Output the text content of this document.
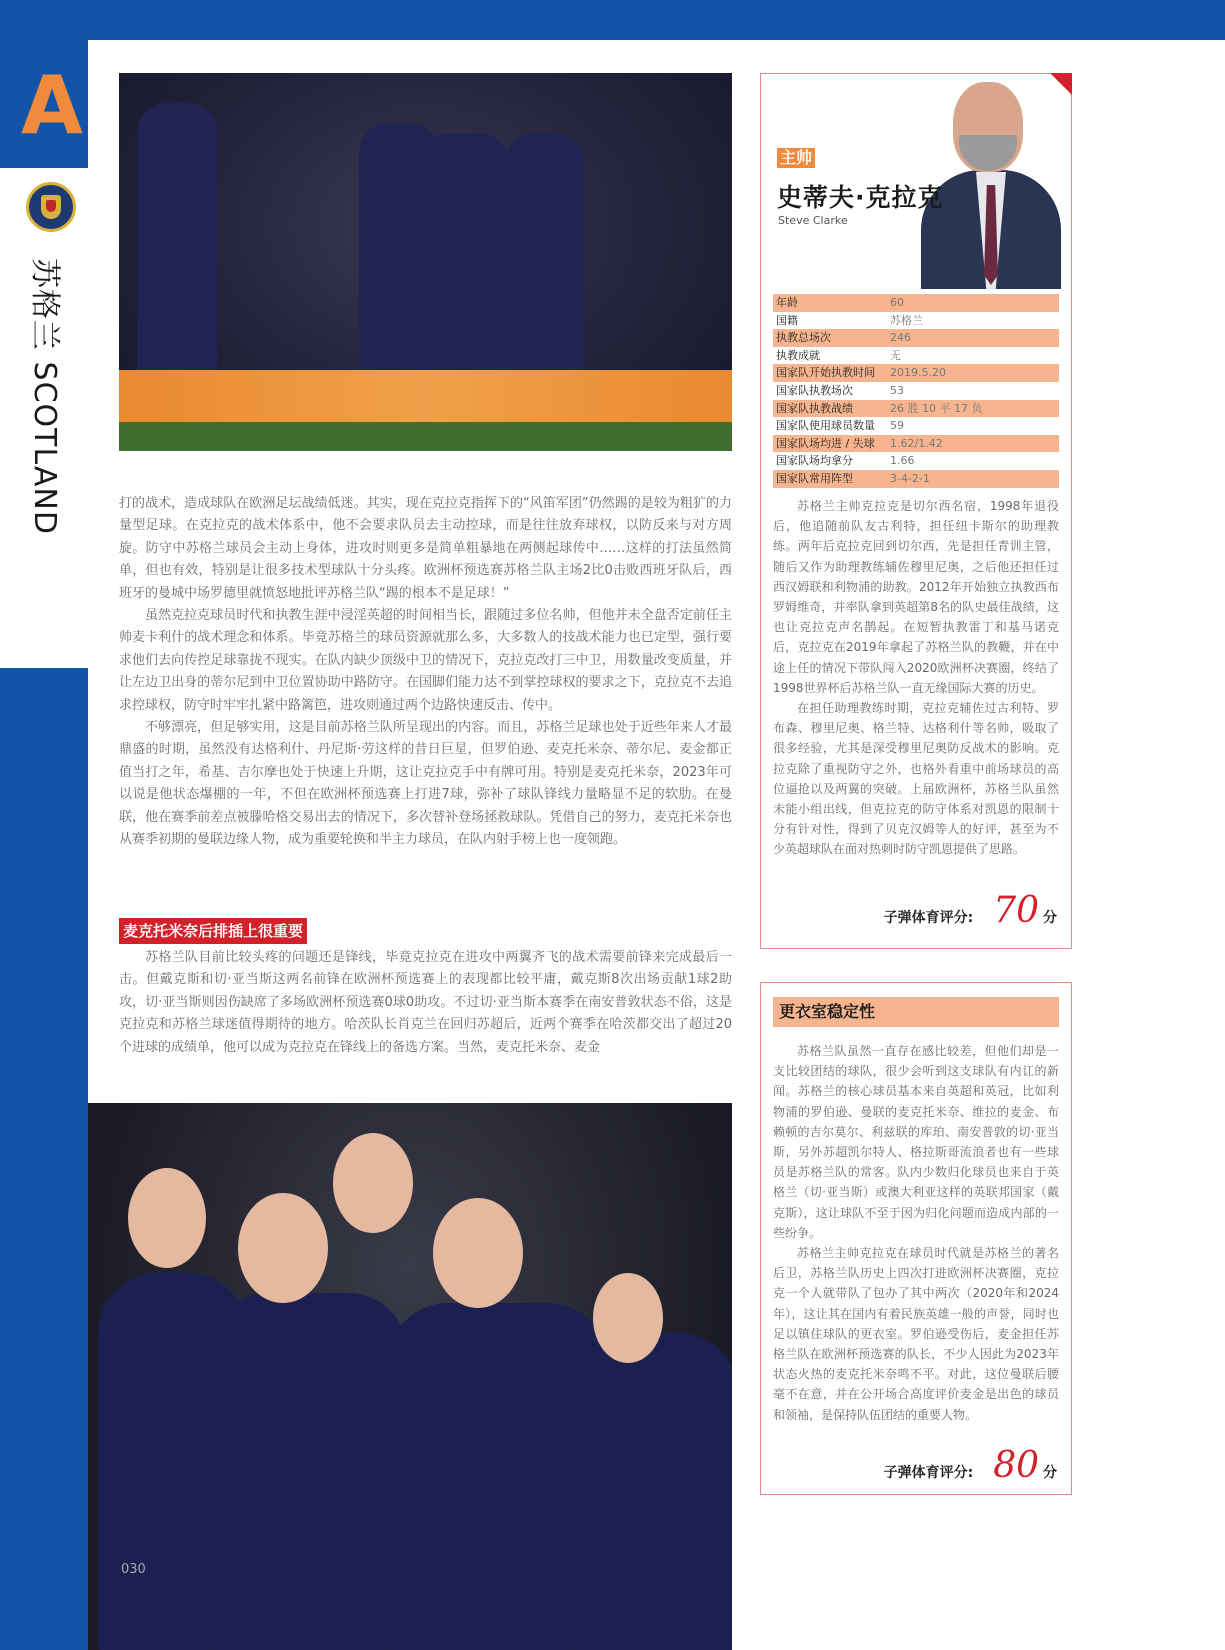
A
苏格兰 SCOTLAND	打的战术，造成球队在欧洲足坛战绩低迷。其实，现在克拉克指挥下的“风笛军团”仍然踢的是较为粗犷的力量型足球。在克拉克的战术体系中，他不会要求队员去主动控球，而是往往放弃球权，以防反来与对方周旋。防守中苏格兰球员会主动上身体，进攻时则更多是简单粗暴地在两侧起球传中……这样的打法虽然简单，但也有效，特别是让很多技术型球队十分头疼。欧洲杯预选赛苏格兰队主场2比0击败西班牙队后，西班牙的曼城中场罗德里就愤怒地批评苏格兰队“踢的根本不是足球！”

虽然克拉克球员时代和执教生涯中浸淫英超的时间相当长，跟随过多位名帅，但他并未全盘否定前任主帅麦卡利什的战术理念和体系。毕竟苏格兰的球员资源就那么多，大多数人的技战术能力也已定型，强行要求他们去向传控足球靠拢不现实。在队内缺少顶级中卫的情况下，克拉克改打三中卫，用数量改变质量，并让左边卫出身的蒂尔尼到中卫位置协助中路防守。在国脚们能力达不到掌控球权的要求之下，克拉克不去追求控球权，防守时牢牢扎紧中路篱笆，进攻则通过两个边路快速反击、传中。

不够漂亮，但足够实用，这是目前苏格兰队所呈现出的内容。而且，苏格兰足球也处于近些年来人才最鼎盛的时期，虽然没有达格利什、丹尼斯·劳这样的昔日巨星，但罗伯逊、麦克托米奈、蒂尔尼、麦金都正值当打之年，希基、吉尔摩也处于快速上升期，这让克拉克手中有牌可用。特别是麦克托米奈，2023年可以说是他状态爆棚的一年，不但在欧洲杯预选赛上打进7球，弥补了球队锋线力量略显不足的软肋。在曼联，他在赛季前差点被滕哈格交易出去的情况下，多次替补登场拯救球队。凭借自己的努力，麦克托米奈也从赛季初期的曼联边缘人物，成为重要轮换和半主力球员，在队内射手榜上也一度领跑。

麦克托米奈后排插上很重要

苏格兰队目前比较头疼的问题还是锋线，毕竟克拉克在进攻中两翼齐飞的战术需要前锋来完成最后一击。但戴克斯和切·亚当斯这两名前锋在欧洲杯预选赛上的表现都比较平庸，戴克斯8次出场贡献1球2助攻，切·亚当斯则因伤缺席了多场欧洲杯预选赛0球0助攻。不过切·亚当斯本赛季在南安普敦状态不俗，这是克拉克和苏格兰球迷值得期待的地方。哈茨队长肖克兰在回归苏超后，近两个赛季在哈茨都交出了超过20个进球的成绩单，他可以成为克拉克在锋线上的备选方案。当然，麦克托米奈、麦金

030
主帅
史蒂夫·克拉克
Steve Clarke
年龄	60
国籍	苏格兰
执教总场次	246
执教成就	无
国家队开始执教时间 2019.5.20
国家队执教场次	53
国家队执教战绩	26 胜 10 平 17 负
国家队使用球员数量 59
国家队场均进 / 失球 1.62/1.42
国家队场均拿分	1.66
国家队常用阵型	3-4-2-1

苏格兰主帅克拉克是切尔西名宿，1998年退役后，他追随前队友古利特，担任纽卡斯尔的助理教练。两年后克拉克回到切尔西，先是担任青训主管，随后又作为助理教练辅佐穆里尼奥，之后他还担任过西汉姆联和利物浦的助教。2012年开始独立执教西布罗姆维奇，并率队拿到英超第8名的队史最佳战绩，这也让克拉克声名鹊起。在短暂执教雷丁和基马诺克后，克拉克在2019年拿起了苏格兰队的教鞭，并在中途上任的情况下带队闯入2020欧洲杯决赛圈，终结了1998世界杯后苏格兰队一直无缘国际大赛的历史。

在担任助理教练时期，克拉克辅佐过古利特、罗布森、穆里尼奥、格兰特、达格利什等名帅，吸取了很多经验，尤其是深受穆里尼奥防反战术的影响。克拉克除了重视防守之外，也格外看重中前场球员的高位逼抢以及两翼的突破。上届欧洲杯，苏格兰队虽然未能小组出线，但克拉克的防守体系对凯恩的限制十分有针对性，得到了贝克汉姆等人的好评，甚至为不少英超球队在面对热刺时防守凯恩提供了思路。

子弹体育评分: 70 分
更衣室稳定性

苏格兰队虽然一直存在感比较差，但他们却是一支比较团结的球队，很少会听到这支球队有内讧的新闻。苏格兰的核心球员基本来自英超和英冠，比如利物浦的罗伯逊、曼联的麦克托米奈、维拉的麦金、布赖顿的吉尔莫尔、利兹联的库珀、南安普敦的切·亚当斯，另外苏超凯尔特人、格拉斯哥流浪者也有一些球员是苏格兰队的常客。队内少数归化球员也来自于英格兰（切·亚当斯）或澳大利亚这样的英联邦国家（戴克斯），这让球队不至于因为归化问题而造成内部的一些纷争。

苏格兰主帅克拉克在球员时代就是苏格兰的著名后卫，苏格兰队历史上四次打进欧洲杯决赛圈，克拉克一个人就带队了包办了其中两次（2020年和2024年），这让其在国内有着民族英雄一般的声誉，同时也足以镇住球队的更衣室。罗伯逊受伤后，麦金担任苏格兰队在欧洲杯预选赛的队长，不少人因此为2023年状态火热的麦克托米奈鸣不平。对此，这位曼联后腰毫不在意，并在公开场合高度评价麦金是出色的球员和领袖，是保持队伍团结的重要人物。

子弹体育评分: 80 分
